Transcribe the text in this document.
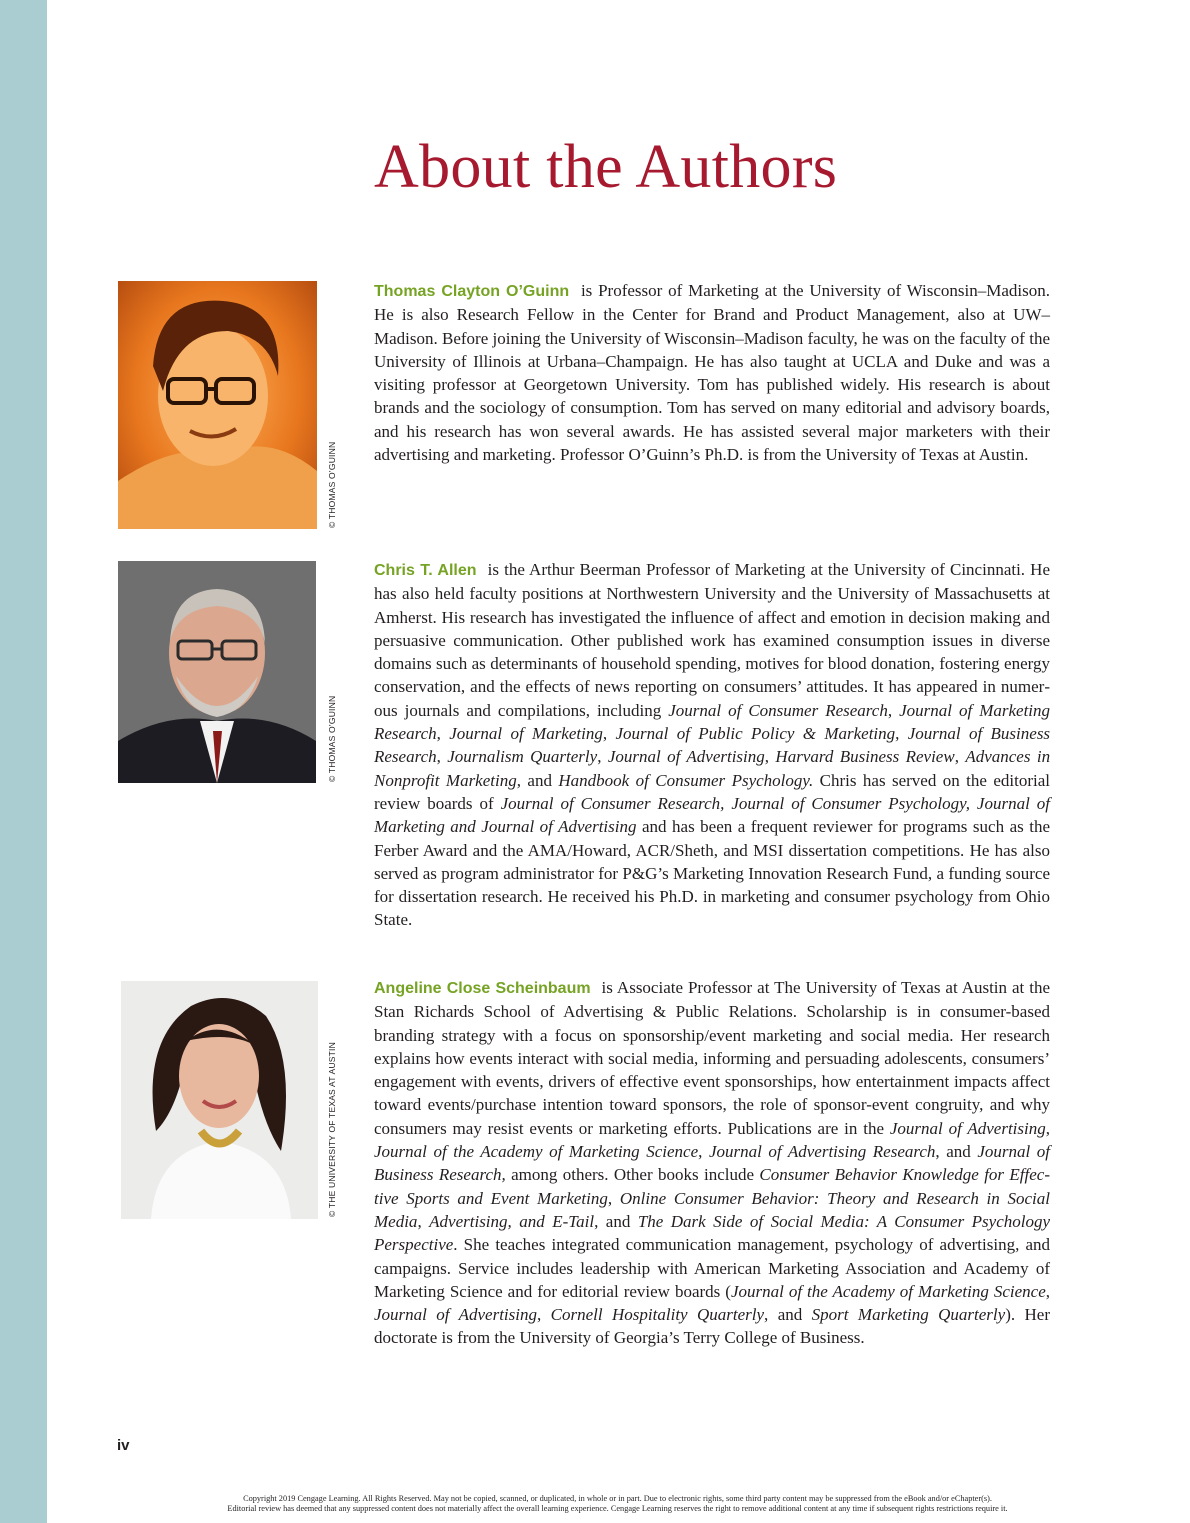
About the Authors
© THOMAS O’GUINN

Thomas Clayton O’Guinn is Professor of Marketing at the University of Wisconsin–Madison. He is also Research Fellow in the Center for Brand and Product Management, also at UW–Madison. Before joining the University of Wisconsin–Madison faculty, he was on the faculty of the University of Illinois at Urbana–Champaign. He has also taught at UCLA and Duke and was a visiting professor at Georgetown University. Tom has published widely. His research is about brands and the sociology of consumption. Tom has served on many editorial and advisory boards, and his research has won several awards. He has assisted several major marketers with their advertising and marketing. Professor O’Guinn’s Ph.D. is from the University of Texas at Austin.

© THOMAS O’GUINN

Chris T. Allen is the Arthur Beerman Professor of Marketing at the University of Cincinnati. He has also held faculty positions at Northwestern University and the University of Massachusetts at Amherst. His research has investigated the influence of affect and emotion in decision making and persuasive communication. Other published work has examined consumption issues in diverse domains such as determinants of household spending, motives for blood donation, fostering energy conservation, and the effects of news reporting on consumers’ attitudes. It has appeared in numerous journals and compilations, including Journal of Consumer Research, Journal of Marketing Research, Journal of Marketing, Journal of Public Policy & Marketing, Journal of Business Research, Journalism Quarterly, Journal of Advertising, Harvard Business Review, Advances in Nonprofit Marketing, and Handbook of Consumer Psychology. Chris has served on the editorial review boards of Journal of Consumer Research, Journal of Consumer Psychology, Journal of Marketing and Journal of Advertising and has been a frequent reviewer for programs such as the Ferber Award and the AMA/Howard, ACR/Sheth, and MSI dissertation competitions. He has also served as program administrator for P&G’s Marketing Innovation Research Fund, a funding source for dissertation research. He received his Ph.D. in marketing and consumer psychology from Ohio State.

© THE UNIVERSITY OF TEXAS AT AUSTIN

Angeline Close Scheinbaum is Associate Professor at The University of Texas at Austin at the Stan Richards School of Advertising & Public Relations. Scholarship is in consumer-based branding strategy with a focus on sponsorship/event marketing and social media. Her research explains how events interact with social media, informing and persuading adolescents, consumers’ engagement with events, drivers of effective event sponsorships, how entertainment impacts affect toward events/purchase intention toward sponsors, the role of sponsor-event congruity, and why consumers may resist events or marketing efforts. Publications are in the Journal of Advertising, Journal of the Academy of Marketing Science, Journal of Advertising Research, and Journal of Business Research, among others. Other books include Consumer Behavior Knowledge for Effective Sports and Event Marketing, Online Consumer Behavior: Theory and Research in Social Media, Advertising, and E-Tail, and The Dark Side of Social Media: A Consumer Psychology Perspective. She teaches integrated communication management, psychology of advertising, and campaigns. Service includes leadership with American Marketing Association and Academy of Marketing Science and for editorial review boards (Journal of the Academy of Marketing Science, Journal of Advertising, Cornell Hospitality Quarterly, and Sport Marketing Quarterly). Her doctorate is from the University of Georgia’s Terry College of Business.

iv
Copyright 2019 Cengage Learning. All Rights Reserved. May not be copied, scanned, or duplicated, in whole or in part. Due to electronic rights, some third party content may be suppressed from the eBook and/or eChapter(s).
Editorial review has deemed that any suppressed content does not materially affect the overall learning experience. Cengage Learning reserves the right to remove additional content at any time if subsequent rights restrictions require it.
